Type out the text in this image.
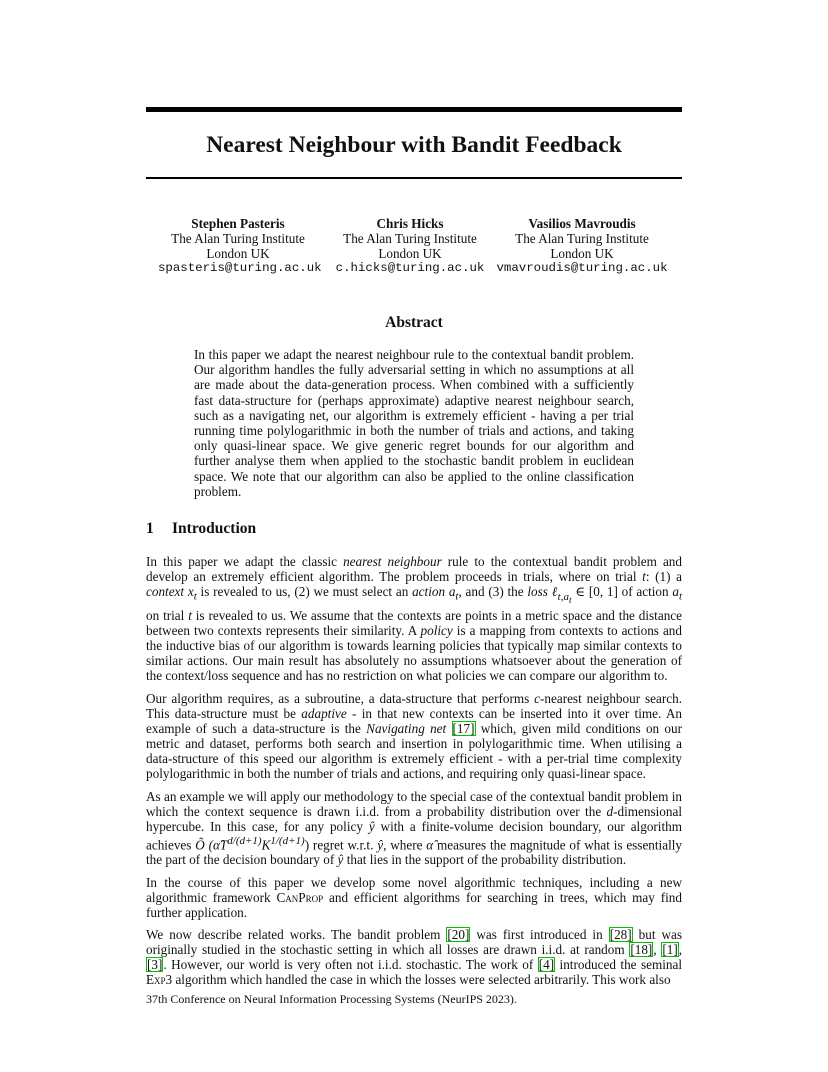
Nearest Neighbour with Bandit Feedback
Stephen Pasteris
The Alan Turing Institute
London UK
spasteris@turing.ac.uk
Chris Hicks
The Alan Turing Institute
London UK
c.hicks@turing.ac.uk
Vasilios Mavroudis
The Alan Turing Institute
London UK
vmavroudis@turing.ac.uk
Abstract
In this paper we adapt the nearest neighbour rule to the contextual bandit problem. Our algorithm handles the fully adversarial setting in which no assumptions at all are made about the data-generation process. When combined with a sufficiently fast data-structure for (perhaps approximate) adaptive nearest neighbour search, such as a navigating net, our algorithm is extremely efficient - having a per trial running time polylogarithmic in both the number of trials and actions, and taking only quasi-linear space. We give generic regret bounds for our algorithm and further analyse them when applied to the stochastic bandit problem in euclidean space. We note that our algorithm can also be applied to the online classification problem.
1 Introduction

In this paper we adapt the classic nearest neighbour rule to the contextual bandit problem and develop an extremely efficient algorithm. The problem proceeds in trials, where on trial t: (1) a context $x_t$ is revealed to us, (2) we must select an action $a_t$, and (3) the loss ℓ$_{t,a_t}$ ∈ [0, 1] of action $a_t$ on trial t is revealed to us. We assume that the contexts are points in a metric space and the distance between two contexts represents their similarity. A policy is a mapping from contexts to actions and the inductive bias of our algorithm is towards learning policies that typically map similar contexts to similar actions. Our main result has absolutely no assumptions whatsoever about the generation of the context/loss sequence and has no restriction on what policies we can compare our algorithm to.

Our algorithm requires, as a subroutine, a data-structure that performs c-nearest neighbour search. This data-structure must be adaptive - in that new contexts can be inserted into it over time. An example of such a data-structure is the Navigating net [17] which, given mild conditions on our metric and dataset, performs both search and insertion in polylogarithmic time. When utilising a data-structure of this speed our algorithm is extremely efficient - with a per-trial time complexity polylogarithmic in both the number of trials and actions, and requiring only quasi-linear space.

As an example we will apply our methodology to the special case of the contextual bandit problem in which the context sequence is drawn i.i.d. from a probability distribution over the d-dimensional hypercube. In this case, for any policy ŷ with a finite-volume decision boundary, our algorithm achieves Õ $(\alphâT^{d/(d+1)}K^{1/(d+1)})$ regret w.r.t. ŷ, where α̂ measures the magnitude of what is essentially the part of the decision boundary of ŷ that lies in the support of the probability distribution.

In the course of this paper we develop some novel algorithmic techniques, including a new algorithmic framework CanProp and efficient algorithms for searching in trees, which may find further application.

We now describe related works. The bandit problem [20] was first introduced in [28] but was originally studied in the stochastic setting in which all losses are drawn i.i.d. at random [18], [1], [3]. However, our world is very often not i.i.d. stochastic. The work of [4] introduced the seminal Exp3 algorithm which handled the case in which the losses were selected arbitrarily. This work also

37th Conference on Neural Information Processing Systems (NeurIPS 2023).
